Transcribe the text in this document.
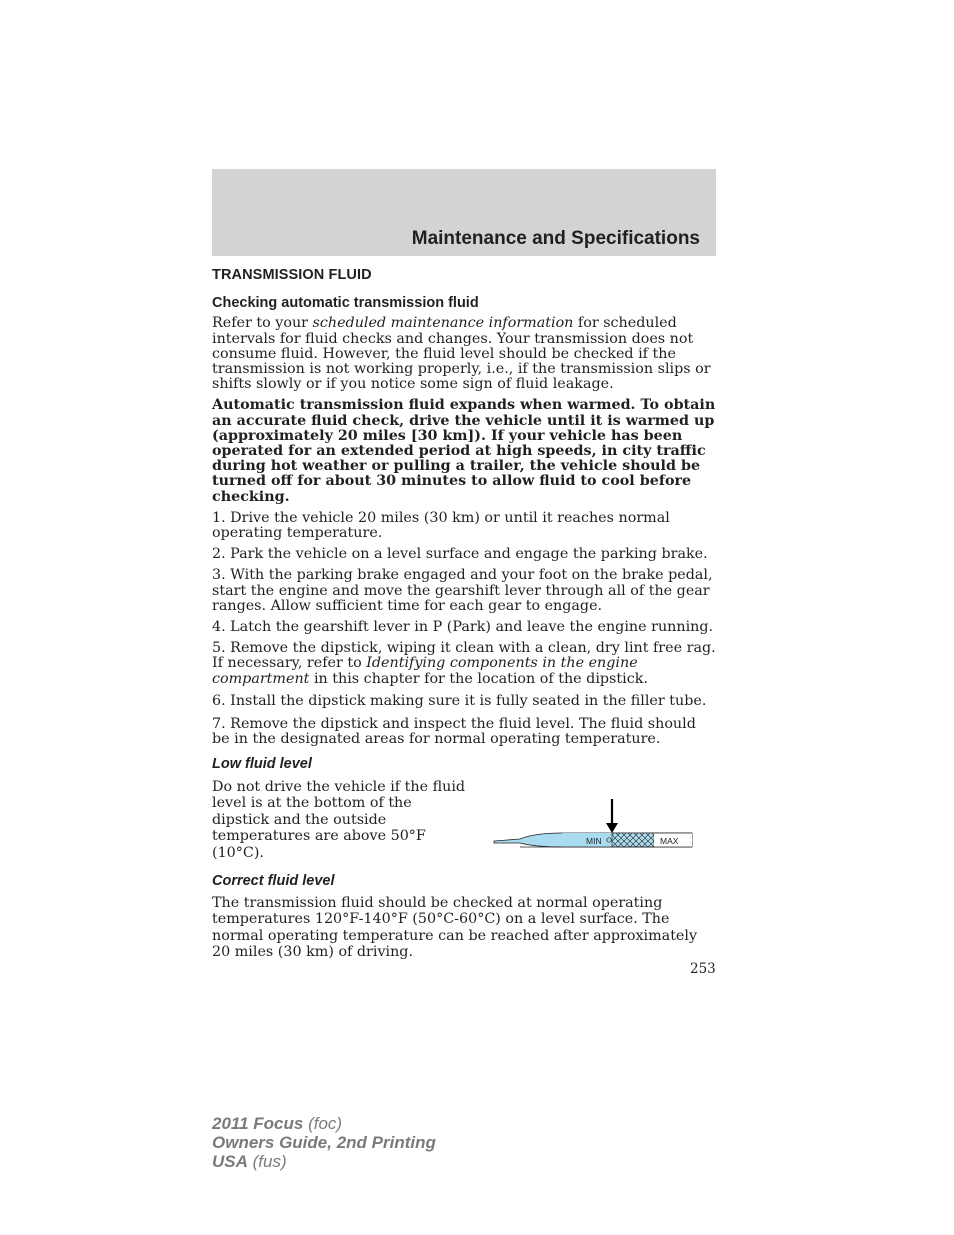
Maintenance and Specifications
TRANSMISSION FLUID
Checking automatic transmission fluid

Refer to your scheduled maintenance information for scheduled intervals for fluid checks and changes. Your transmission does not consume fluid. However, the fluid level should be checked if the transmission is not working properly, i.e., if the transmission slips or shifts slowly or if you notice some sign of fluid leakage.

Automatic transmission fluid expands when warmed. To obtain an accurate fluid check, drive the vehicle until it is warmed up (approximately 20 miles [30 km]). If your vehicle has been operated for an extended period at high speeds, in city traffic during hot weather or pulling a trailer, the vehicle should be turned off for about 30 minutes to allow fluid to cool before checking.

1. Drive the vehicle 20 miles (30 km) or until it reaches normal operating temperature.

2. Park the vehicle on a level surface and engage the parking brake.

3. With the parking brake engaged and your foot on the brake pedal, start the engine and move the gearshift lever through all of the gear ranges. Allow sufficient time for each gear to engage.

4. Latch the gearshift lever in P (Park) and leave the engine running.

5. Remove the dipstick, wiping it clean with a clean, dry lint free rag. If necessary, refer to Identifying components in the engine compartment in this chapter for the location of the dipstick.

6. Install the dipstick making sure it is fully seated in the filler tube.

7. Remove the dipstick and inspect the fluid level. The fluid should be in the designated areas for normal operating temperature.

Low fluid level
Do not drive the vehicle if the fluid level is at the bottom of the dipstick and the outside temperatures are above 50°F (10°C).
MIN	MAX
Correct fluid level

The transmission fluid should be checked at normal operating temperatures 120°F-140°F (50°C-60°C) on a level surface. The normal operating temperature can be reached after approximately 20 miles (30 km) of driving.

253
2011 Focus (foc)
Owners Guide, 2nd Printing
USA (fus)
